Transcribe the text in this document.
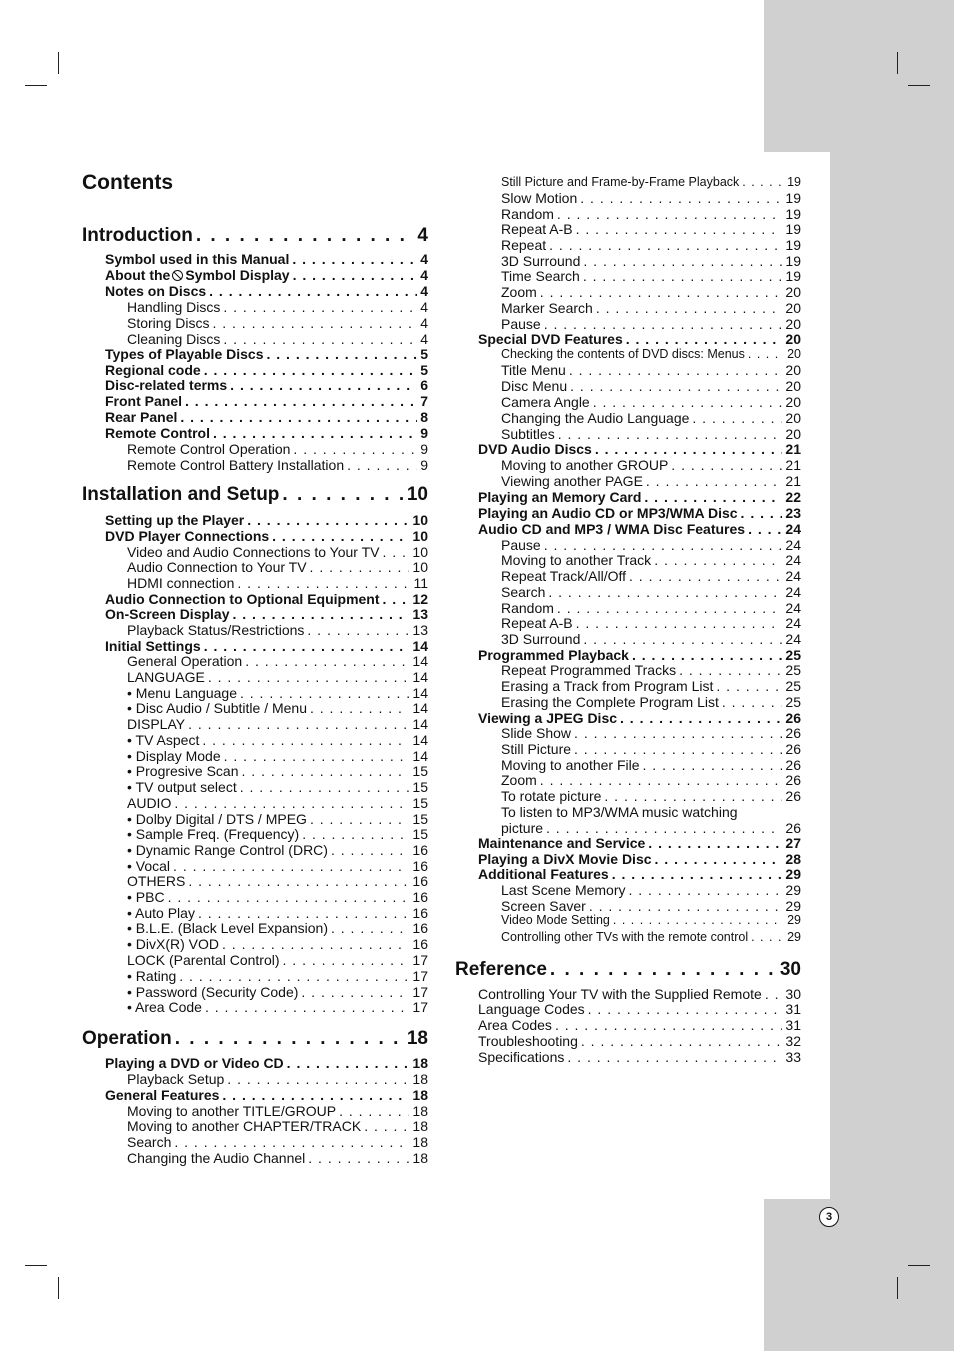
Contents
Introduction . . .	4
Symbol used in this Manual . . .	4
About the Symbol Display . . .	4
Notes on Discs . . .	4
Handling Discs . . .	4
Storing Discs . . .	4
Cleaning Discs . . .	4
Types of Playable Discs . . .	5
Regional code . . .	5
Disc-related terms . . .	6
Front Panel . . .	7
Rear Panel . . .	8
Remote Control . . .	9
Remote Control Operation . . .	9
Remote Control Battery Installation . . .	9
Installation and Setup . . .	10
Setting up the Player . . .	10
DVD Player Connections . . .	10
Video and Audio Connections to Your TV . . . 10
Audio Connection to Your TV . . .	10
HDMI connection . . .	11
Audio Connection to Optional Equipment . . . 12
On-Screen Display . . .	13
Playback Status/Restrictions . . .	13
Initial Settings . . .	14
General Operation . . .	14
LANGUAGE . . .	14
• Menu Language . . .	14
• Disc Audio / Subtitle / Menu . . .	14
DISPLAY . . .	14
• TV Aspect . . .	14
• Display Mode . . .	14
• Progresive Scan . . .	15
• TV output select . . .	15
AUDIO . . .	15
• Dolby Digital / DTS / MPEG . . .	15
• Sample Freq. (Frequency) . . .	15
• Dynamic Range Control (DRC) . . .	16
• Vocal . . .	16
OTHERS . . .	16
• PBC . . .	16
• Auto Play . . .	16
• B.L.E. (Black Level Expansion) . . .	16
• DivX(R) VOD . . .	16
LOCK (Parental Control) . . .	17
• Rating . . .	17
• Password (Security Code) . . .	17
• Area Code . . .	17
Operation . . .	18
Playing a DVD or Video CD . . .	18
Playback Setup . . .	18
General Features . . .	18
Moving to another TITLE/GROUP . . .	18
Moving to another CHAPTER/TRACK . . .	18
Search . . .	18
Changing the Audio Channel . . .	18
Still Picture and Frame-by-Frame Playback . . .	19
Slow Motion . . .	19
Random . . .	19
Repeat A-B . . .	19
Repeat . . .	19
3D Surround . . .	19
Time Search . . .	19
Zoom . . .	20
Marker Search . . .	20
Pause . . .	20
Special DVD Features . . .	20
Checking the contents of DVD discs: Menus . . .	20
Title Menu . . .	20
Disc Menu . . .	20
Camera Angle . . .	20
Changing the Audio Language . . .	20
Subtitles . . .	20
DVD Audio Discs . . .	21
Moving to another GROUP . . .	21
Viewing another PAGE . . .	21
Playing an Memory Card . . .	22
Playing an Audio CD or MP3/WMA Disc . . .	23
Audio CD and MP3 / WMA Disc Features . . .	24
Pause . . .	24
Moving to another Track . . .	24
Repeat Track/All/Off . . .	24
Search . . .	24
Random . . .	24
Repeat A-B . . .	24
3D Surround . . .	24
Programmed Playback . . .	25
Repeat Programmed Tracks . . .	25
Erasing a Track from Program List . . .	25
Erasing the Complete Program List . . .	25
Viewing a JPEG Disc . . .	26
Slide Show . . .	26
Still Picture . . .	26
Moving to another File . . .	26
Zoom . . .	26
To rotate picture . . .	26
To listen to MP3/WMA music watching
picture . . .	26
Maintenance and Service . . .	27
Playing a DivX Movie Disc . . .	28
Additional Features . . .	29
Last Scene Memory . . .	29
Screen Saver . . .	29
Video Mode Setting . . .	29
Controlling other TVs with the remote control . . .	29
Reference . . .	30
Controlling Your TV with the Supplied Remote . . . 30
Language Codes . . .	31
Area Codes . . .	31
Troubleshooting . . .	32
Specifications . . .	33
3
